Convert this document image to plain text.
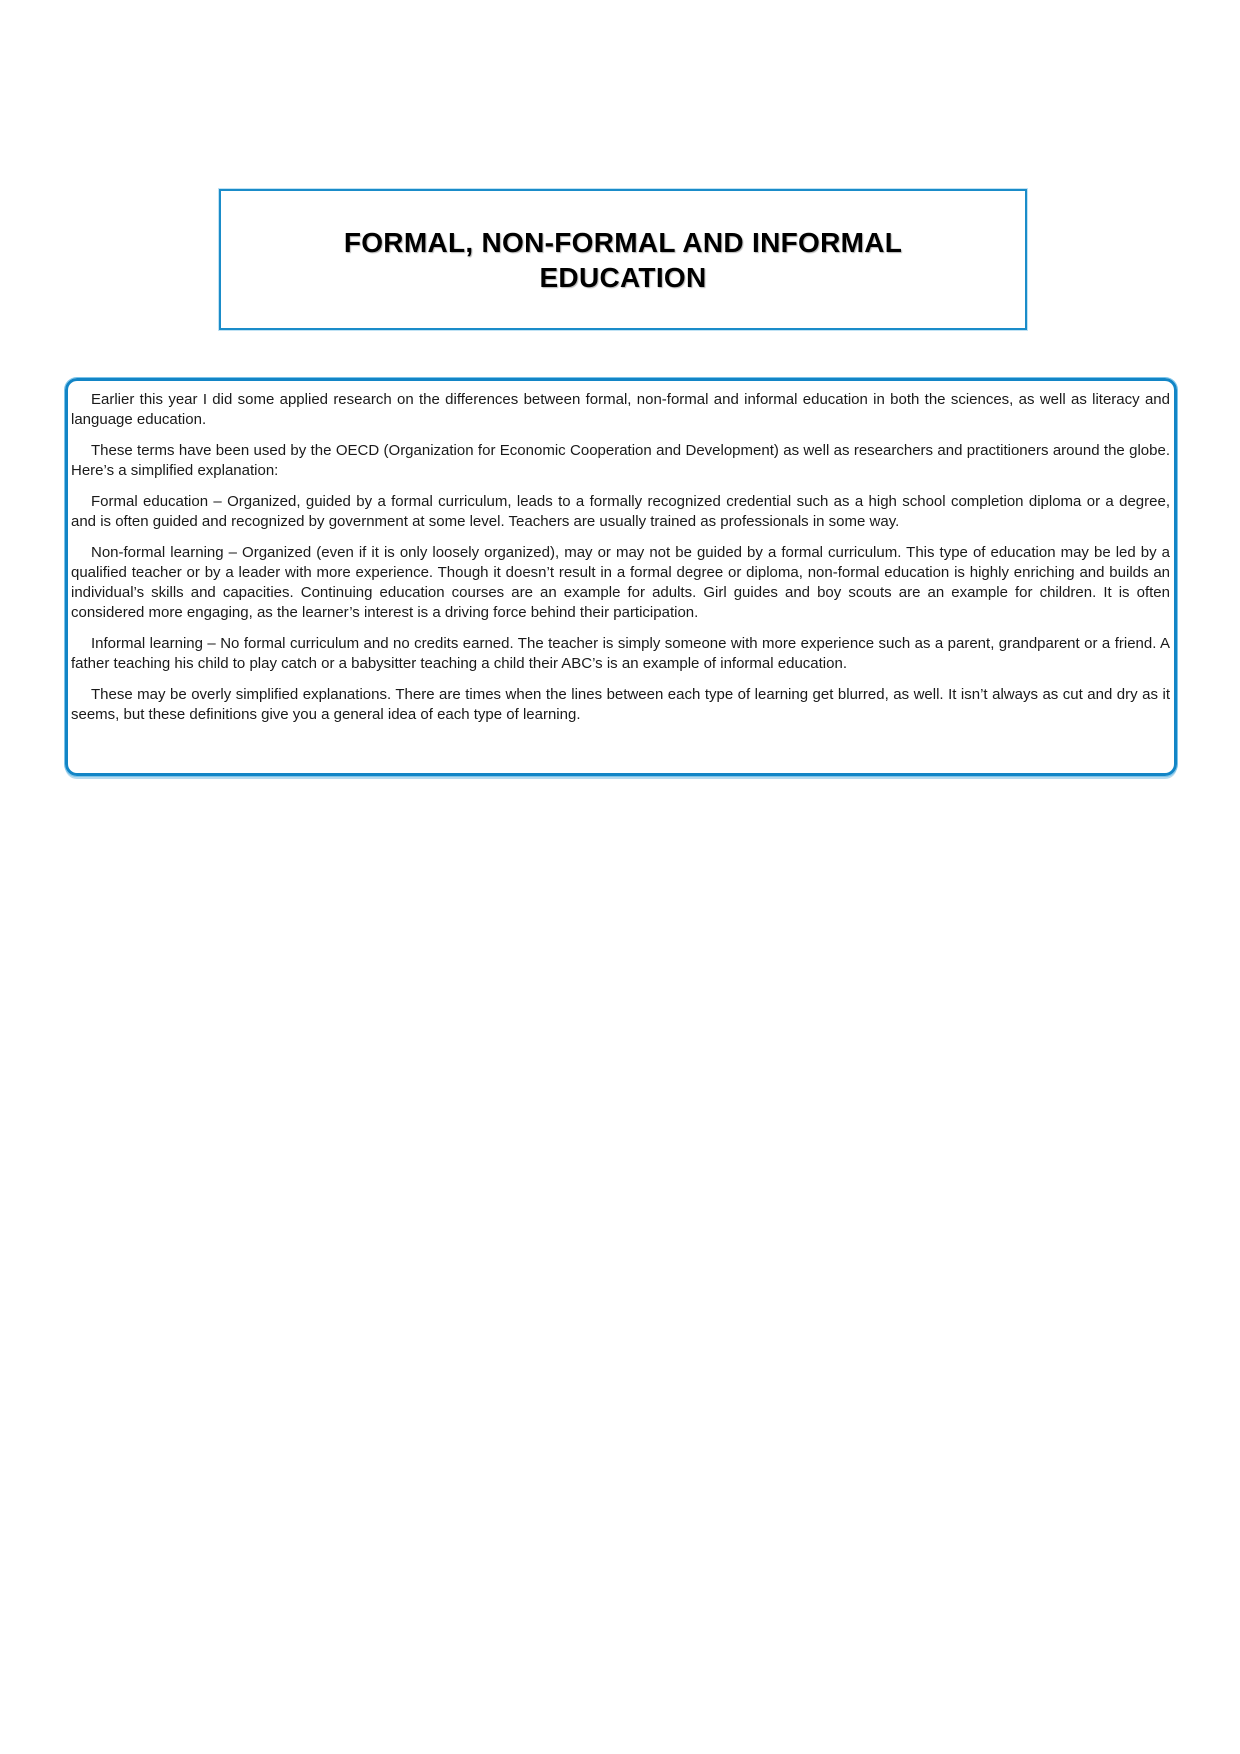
FORMAL, NON-FORMAL AND INFORMAL EDUCATION

Earlier this year I did some applied research on the differences between formal, non-formal and informal education in both the sciences, as well as literacy and language education.

These terms have been used by the OECD (Organization for Economic Cooperation and Development) as well as researchers and practitioners around the globe. Here’s a simplified explanation:

Formal education – Organized, guided by a formal curriculum, leads to a formally recognized credential such as a high school completion diploma or a degree, and is often guided and recognized by government at some level. Teachers are usually trained as professionals in some way.

Non-formal learning – Organized (even if it is only loosely organized), may or may not be guided by a formal curriculum. This type of education may be led by a qualified teacher or by a leader with more experience. Though it doesn’t result in a formal degree or diploma, non-formal education is highly enriching and builds an individual’s skills and capacities. Continuing education courses are an example for adults. Girl guides and boy scouts are an example for children. It is often considered more engaging, as the learner’s interest is a driving force behind their participation.

Informal learning – No formal curriculum and no credits earned. The teacher is simply someone with more experience such as a parent, grandparent or a friend. A father teaching his child to play catch or a babysitter teaching a child their ABC’s is an example of informal education.

These may be overly simplified explanations. There are times when the lines between each type of learning get blurred, as well. It isn’t always as cut and dry as it seems, but these definitions give you a general idea of each type of learning.
